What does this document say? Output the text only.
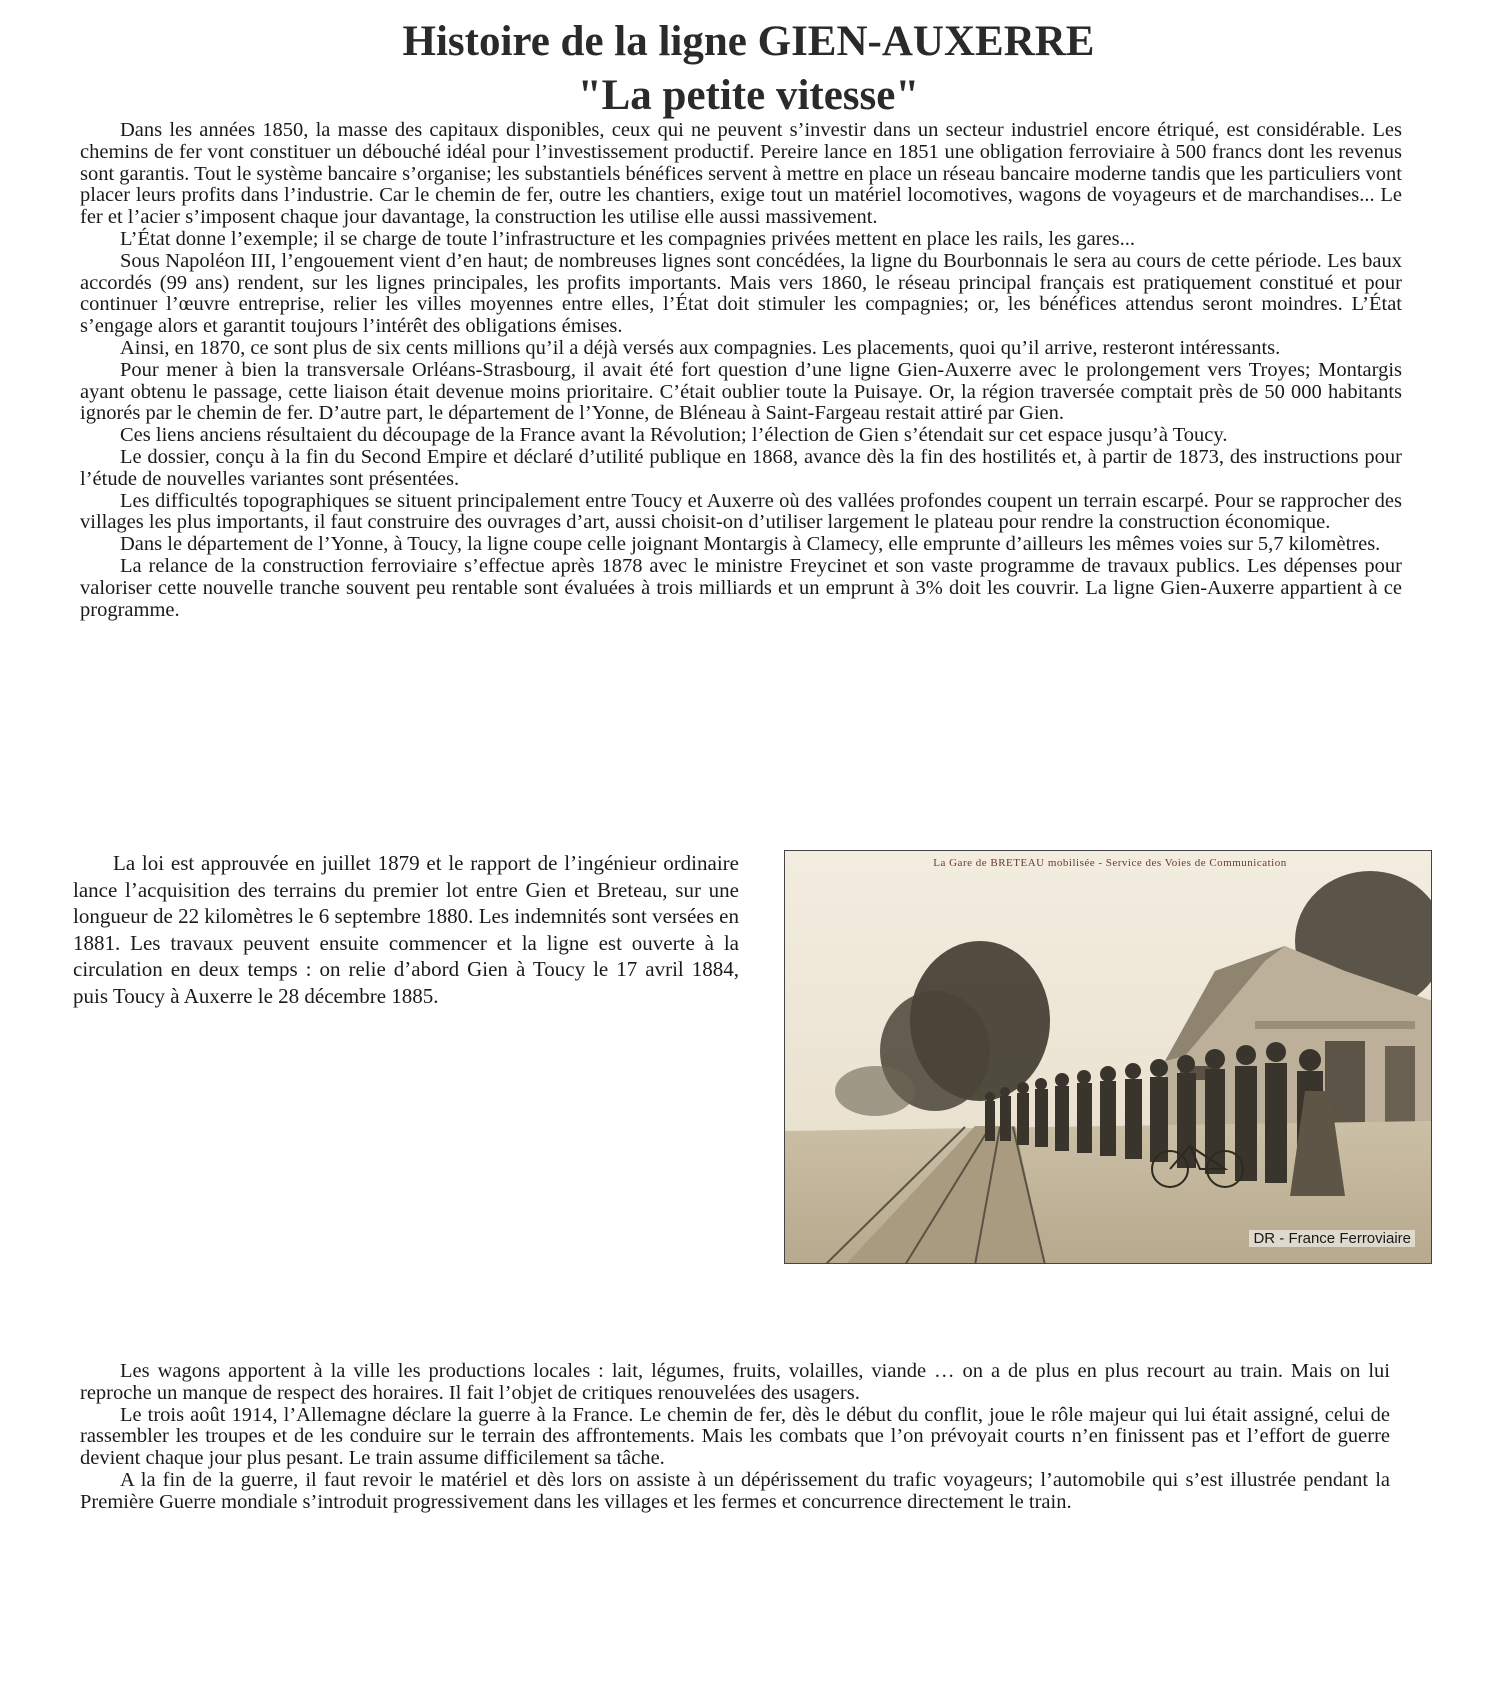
Histoire de la ligne GIEN-AUXERRE
"La petite vitesse"

Dans les années 1850, la masse des capitaux disponibles, ceux qui ne peuvent s’investir dans un secteur industriel encore étriqué, est considérable. Les chemins de fer vont constituer un débouché idéal pour l’investissement productif. Pereire lance en 1851 une obligation ferroviaire à 500 francs dont les revenus sont garantis. Tout le système bancaire s’organise; les substantiels bénéfices servent à mettre en place un réseau bancaire moderne tandis que les particuliers vont placer leurs profits dans l’industrie. Car le chemin de fer, outre les chantiers, exige tout un matériel locomotives, wagons de voyageurs et de marchandises... Le fer et l’acier s’imposent chaque jour davantage, la construction les utilise elle aussi massivement.

L’État donne l’exemple; il se charge de toute l’infrastructure et les compagnies privées mettent en place les rails, les gares...

Sous Napoléon III, l’engouement vient d’en haut; de nombreuses lignes sont concédées, la ligne du Bourbonnais le sera au cours de cette période. Les baux accordés (99 ans) rendent, sur les lignes principales, les profits importants. Mais vers 1860, le réseau principal français est pratiquement constitué et pour continuer l’œuvre entreprise, relier les villes moyennes entre elles, l’État doit stimuler les compagnies; or, les bénéfices attendus seront moindres. L’État s’engage alors et garantit toujours l’intérêt des obligations émises.

Ainsi, en 1870, ce sont plus de six cents millions qu’il a déjà versés aux compagnies. Les placements, quoi qu’il arrive, resteront intéressants.

Pour mener à bien la transversale Orléans-Strasbourg, il avait été fort question d’une ligne Gien-Auxerre avec le prolongement vers Troyes; Montargis ayant obtenu le passage, cette liaison était devenue moins prioritaire. C’était oublier toute la Puisaye. Or, la région traversée comptait près de 50 000 habitants ignorés par le chemin de fer. D’autre part, le département de l’Yonne, de Bléneau à Saint-Fargeau restait attiré par Gien.

Ces liens anciens résultaient du découpage de la France avant la Révolution; l’élection de Gien s’étendait sur cet espace jusqu’à Toucy.

Le dossier, conçu à la fin du Second Empire et déclaré d’utilité publique en 1868, avance dès la fin des hostilités et, à partir de 1873, des instructions pour l’étude de nouvelles variantes sont présentées.

Les difficultés topographiques se situent principalement entre Toucy et Auxerre où des vallées profondes coupent un terrain escarpé. Pour se rapprocher des villages les plus importants, il faut construire des ouvrages d’art, aussi choisit-on d’utiliser largement le plateau pour rendre la construction économique.

Dans le département de l’Yonne, à Toucy, la ligne coupe celle joignant Montargis à Clamecy, elle emprunte d’ailleurs les mêmes voies sur 5,7 kilomètres.

La relance de la construction ferroviaire s’effectue après 1878 avec le ministre Freycinet et son vaste programme de travaux publics. Les dépenses pour valoriser cette nouvelle tranche souvent peu rentable sont évaluées à trois milliards et un emprunt à 3% doit les couvrir. La ligne Gien-Auxerre appartient à ce programme.

La loi est approuvée en juillet 1879 et le rapport de l’ingénieur ordinaire lance l’acquisition des terrains du premier lot entre Gien et Breteau, sur une longueur de 22 kilomètres le 6 septembre 1880. Les indemnités sont versées en 1881. Les travaux peuvent ensuite commencer et la ligne est ouverte à la circulation en deux temps : on relie d’abord Gien à Toucy le 17 avril 1884, puis Toucy à Auxerre le 28 décembre 1885.

La Gare de BRETEAU mobilisée - Service des Voies de Communication
DR - France Ferroviaire

Les wagons apportent à la ville les productions locales : lait, légumes, fruits, volailles, viande … on a de plus en plus recourt au train. Mais on lui reproche un manque de respect des horaires. Il fait l’objet de critiques renouvelées des usagers.

Le trois août 1914, l’Allemagne déclare la guerre à la France. Le chemin de fer, dès le début du conflit, joue le rôle majeur qui lui était assigné, celui de rassembler les troupes et de les conduire sur le terrain des affrontements. Mais les combats que l’on prévoyait courts n’en finissent pas et l’effort de guerre devient chaque jour plus pesant. Le train assume difficilement sa tâche.

A la fin de la guerre, il faut revoir le matériel et dès lors on assiste à un dépérissement du trafic voyageurs; l’automobile qui s’est illustrée pendant la Première Guerre mondiale s’introduit progressivement dans les villages et les fermes et concurrence directement le train.
